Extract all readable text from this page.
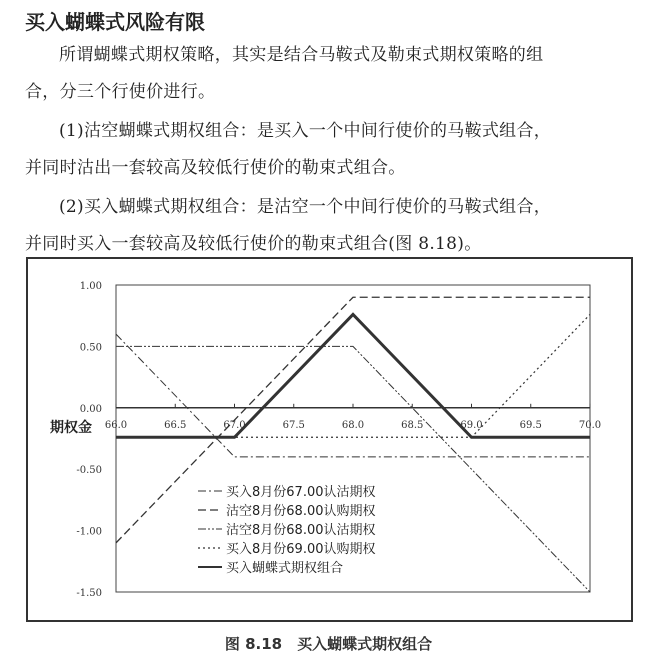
买入蝴蝶式风险有限
所谓蝴蝶式期权策略，其实是结合马鞍式及勒束式期权策略的组
合，分三个行使价进行。
(1)沽空蝴蝶式期权组合：是买入一个中间行使价的马鞍式组合，
并同时沽出一套较高及较低行使价的勒束式组合。
(2)买入蝴蝶式期权组合：是沽空一个中间行使价的马鞍式组合，
并同时买入一套较高及较低行使价的勒束式组合(图 8.18)。
1.00
0.50
0.00
-0.50
-1.00
-1.50
66.0	66.5	67.0	67.5	68.0	68.5	69.0	69.5	70.0
期权金
买入8月份67.00认沽期权
沽空8月份68.00认购期权
沽空8月份68.00认沽期权
买入8月份69.00认购期权
买入蝴蝶式期权组合
图 8.18　买入蝴蝶式期权组合
